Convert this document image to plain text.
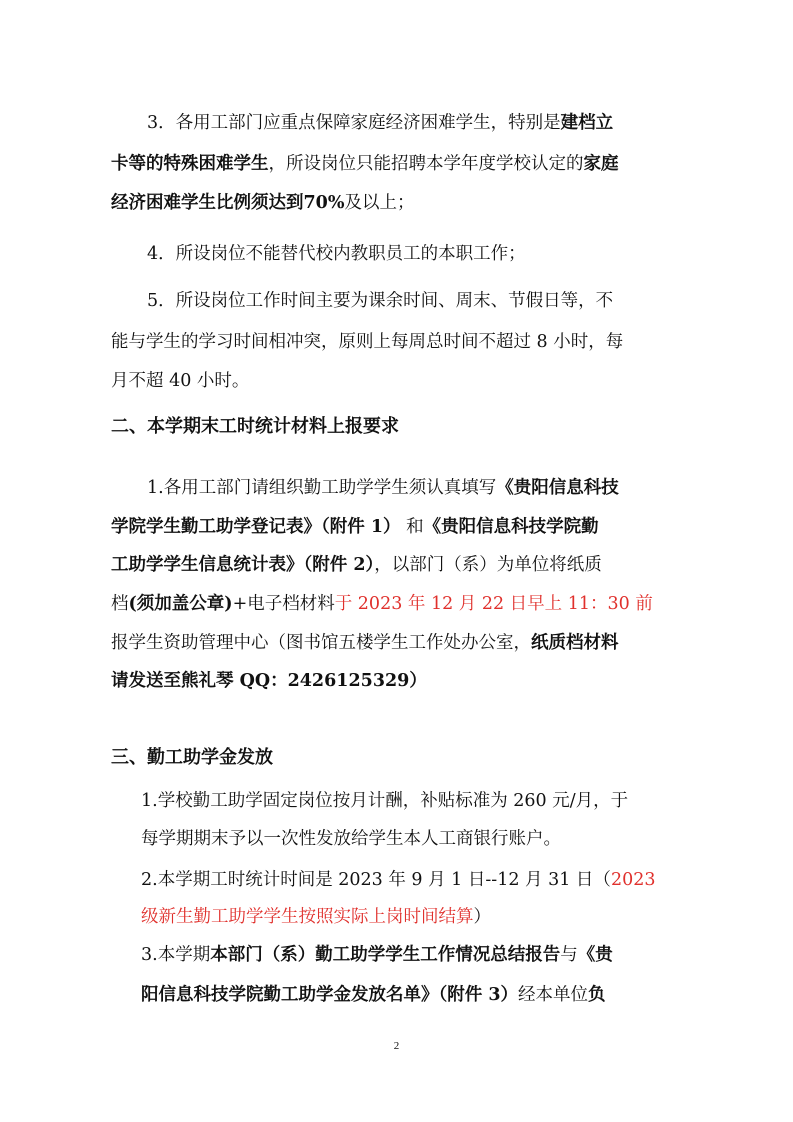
3．各用工部门应重点保障家庭经济困难学生，特别是建档立
卡等的特殊困难学生，所设岗位只能招聘本学年度学校认定的家庭
经济困难学生比例须达到70%及以上；
4．所设岗位不能替代校内教职员工的本职工作；
5．所设岗位工作时间主要为课余时间、周末、节假日等，不
能与学生的学习时间相冲突，原则上每周总时间不超过 8 小时，每
月不超 40 小时。
二、本学期末工时统计材料上报要求
1.各用工部门请组织勤工助学学生须认真填写《贵阳信息科技
学院学生勤工助学登记表》（附件 1） 和《贵阳信息科技学院勤
工助学学生信息统计表》（附件 2），以部门（系）为单位将纸质
档(须加盖公章)+电子档材料于 2023 年 12 月 22 日早上 11：30 前
报学生资助管理中心（图书馆五楼学生工作处办公室，纸质档材料
请发送至熊礼琴 QQ：2426125329）
三、勤工助学金发放
1.学校勤工助学固定岗位按月计酬，补贴标准为 260 元/月，于
每学期期末予以一次性发放给学生本人工商银行账户。
2.本学期工时统计时间是 2023 年 9 月 1 日--12 月 31 日（2023
级新生勤工助学学生按照实际上岗时间结算）
3.本学期本部门（系）勤工助学学生工作情况总结报告与《贵
阳信息科技学院勤工助学金发放名单》（附件 3）经本单位负
2
